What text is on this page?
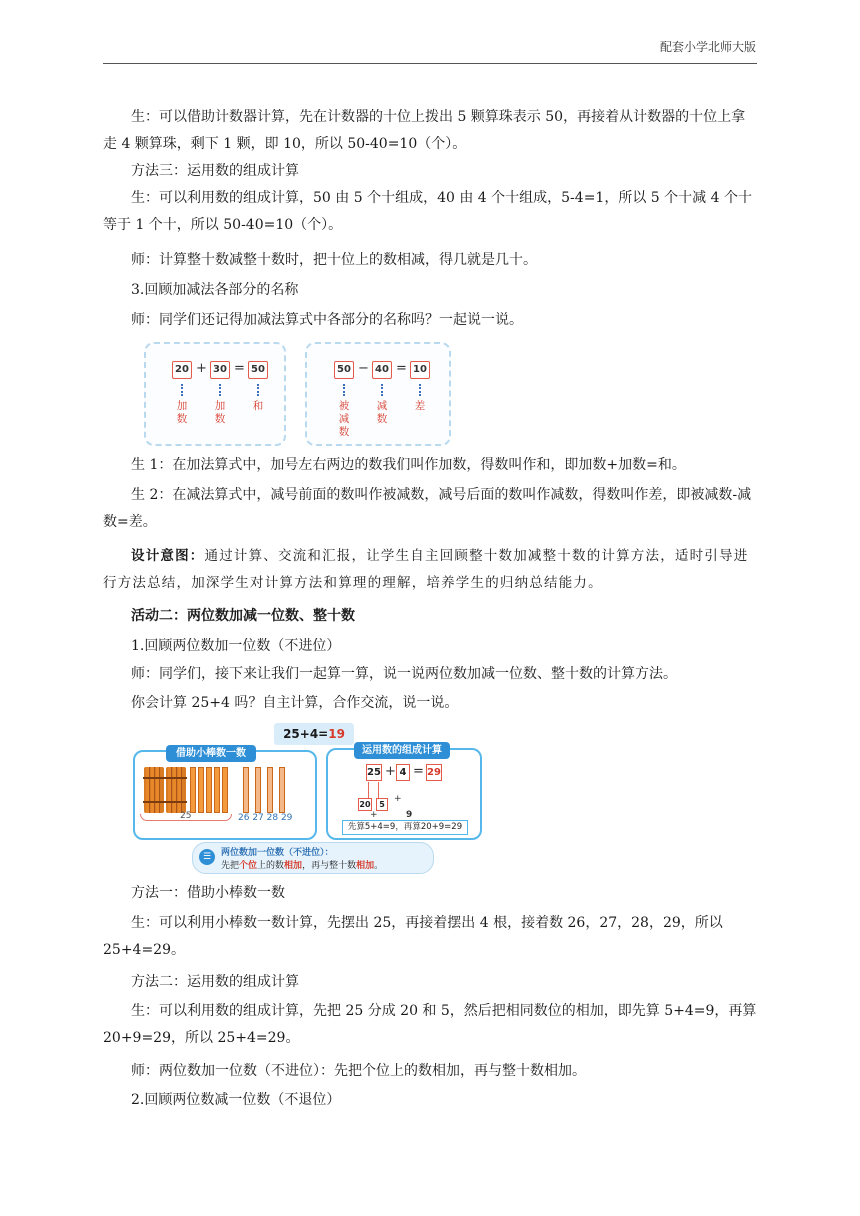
配套小学北师大版

生：可以借助计数器计算，先在计数器的十位上拨出 5 颗算珠表示 50，再接着从计数器的十位上拿走 4 颗算珠，剩下 1 颗，即 10，所以 50-40=10（个）。

方法三：运用数的组成计算

生：可以利用数的组成计算，50 由 5 个十组成，40 由 4 个十组成，5-4=1，所以 5 个十减 4 个十等于 1 个十，所以 50-40=10（个）。

师：计算整十数减整十数时，把十位上的数相减，得几就是几十。

3.回顾加减法各部分的名称

师：同学们还记得加减法算式中各部分的名称吗？一起说一说。

20 + 30 = 50
加数
加数
和
50 − 40 = 10
被减数
减数
差

生 1：在加法算式中，加号左右两边的数我们叫作加数，得数叫作和，即加数+加数=和。

生 2：在减法算式中，减号前面的数叫作被减数，减号后面的数叫作减数，得数叫作差，即被减数-减数=差。

设计意图：通过计算、交流和汇报，让学生自主回顾整十数加减整十数的计算方法，适时引导进行方法总结，加深学生对计算方法和算理的理解，培养学生的归纳总结能力。

活动二：两位数加减一位数、整十数

1.回顾两位数加一位数（不进位）

师：同学们，接下来让我们一起算一算，说一说两位数加减一位数、整十数的计算方法。

你会计算 25+4 吗？自主计算，合作交流，说一说。

25+4=19
借助小棒数一数
25	26 27 28 29
运用数的组成计算
25 + 4 = 29
20	5
+
+	9
先算5+4=9，再算20+9=29
☰	两位数加一位数（不进位）：
先把个位上的数相加，再与整十数相加。

方法一：借助小棒数一数

生：可以利用小棒数一数计算，先摆出 25，再接着摆出 4 根，接着数 26，27，28，29，所以 25+4=29。

方法二：运用数的组成计算

生：可以利用数的组成计算，先把 25 分成 20 和 5，然后把相同数位的相加，即先算 5+4=9，再算 20+9=29，所以 25+4=29。

师：两位数加一位数（不进位）：先把个位上的数相加，再与整十数相加。

2.回顾两位数减一位数（不退位）
